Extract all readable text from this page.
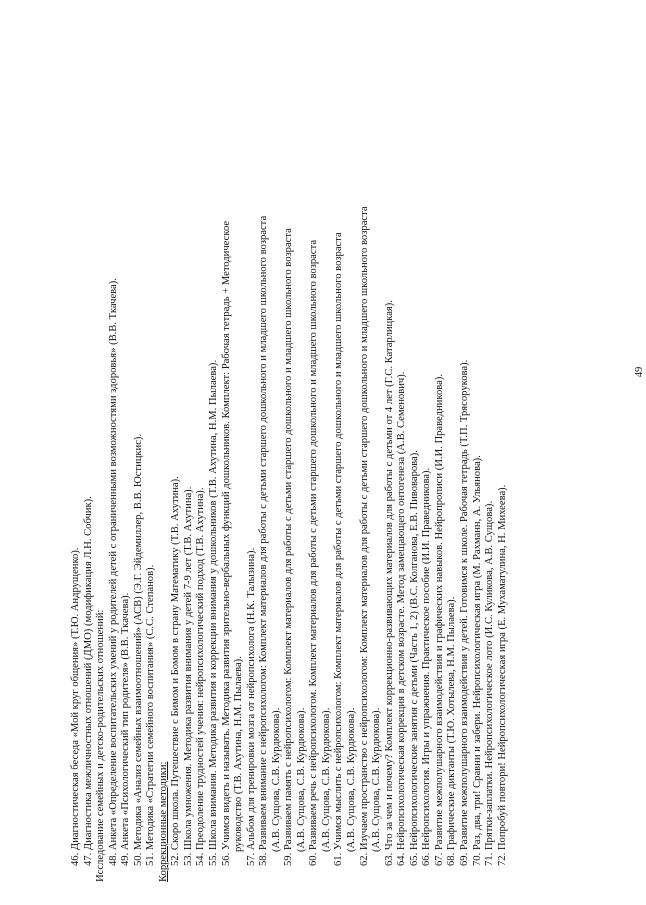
49
46. Диагностическая беседа «Мой круг общения» (Т.Ю. Андрущенко). 47. Диагностика межличностных отношений (ДМО) (модификация Л.Н. Собчик). Исследование семейных и детско-родительских отношений: 48. Анкета «Определение воспитательских умений у родителей детей с ограниченными возможностями здоровья» (В.В. Ткачева). 49. Анкета «Психологический тип родителя» (В.В. Ткачева). 50. Методика «Анализ семейных взаимоотношений» (АСВ) (Э.Г. Эйдемиллер, В.В. Юстицкис). 51. Методика «Стратегии семейного воспитания» (С.С. Степанов). Коррекционные методики: 52. Скоро школа. Путешествие с Бимом и Бомом в страну Математику (Т.В. Ахутина). 53. Школа умножения. Методика развития внимания у детей 7-9 лет (Т.В. Ахутина). 54. Преодоление трудностей учения: нейропсихологический подход (Т.В. Ахутина). 55. Школа внимания. Методика развития и коррекции внимания у дошкольников (Т.В. Ахутина, Н.М. Пылаева). 56. Учимся видеть и называть. Методика развития зрительно-вербальных функций дошкольников. Комплект: Рабочая тетрадь + Методическое руководство (Т.В. Ахутина, Н.М. Пылаева). 57. Альбом для тренировки мозга от нейропсихолога (Н.К. Талызина). 58. Развиваем внимание с нейропсихологом: Комплект материалов для работы с детьми старшего дошкольного и младшего школьного возраста (А.В. Сущова, С.В. Курдюкова). 59. Развиваем память с нейропсихологом: Комплект материалов для работы с детьми старшего дошкольного и младшего школьного возраста (А.В. Сущова, С.В. Курдюкова). 60. Развиваем речь с нейропсихологом. Комплект материалов для работы с детьми старшего дошкольного и младшего школьного возраста (А.В. Сущова, С.В. Курдюкова). 61. Учимся мыслить с нейропсихологом: Комплект материалов для работы с детьми старшего дошкольного и младшего школьного возраста (А.В. Сущова, С.В. Курдюкова). 62. Изучаем пространство с нейропсихологом: Комплект материалов для работы с детьми старшего дошкольного и младшего школьного возраста (А.В. Сущова, С.В. Курдюкова). 63. Что за чем и почему? Комплект коррекционно-развивающих материалов для работы с детьми от 4 лет (Г.С. Катарлицкая). 64. Нейропсихологическая коррекция в детском возрасте. Метод замещающего онтогенеза (А.В. Семенович). 65. Нейропсихологические занятия с детьми (Часть 1, 2) (В.С. Колганова, Е.В. Пивоварова). 66. Нейропсихология. Игры и упражнения. Практическое пособие (И.И. Праведникова). 67. Развитие межполушарного взаимодействия и графических навыков. Нейропрописи (И.И. Праведникова). 68. Графические диктанты (Т.Ю. Хотылева, Н.М. Пылаева). 69. Развитие межполушарного взаимодействия у детей. Готовимся к школе. Рабочая тетрадь (Т.П. Трясорукова). 70. Раз, два, три! Сравни и забери. Нейропсихологическая игра (М. Рахманн, А. Ульянова). 71. Прятки-заплатки. Нейропсихологическое лото (И.С. Куликова, А.В. Сущова). 72. Попробуй повтори! Нейропсихологическая игра (Е. Мухаматулина, Н. Михеева).
